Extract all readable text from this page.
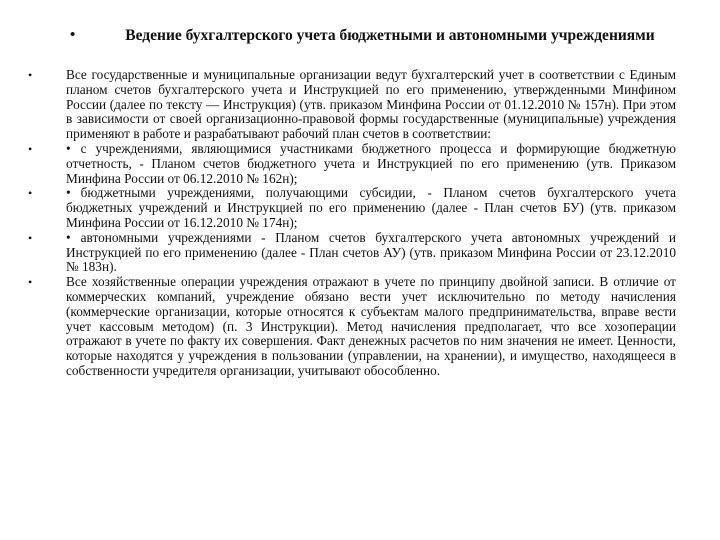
•	Ведение бухгалтерского учета бюджетными и автономными учреждениями
•	Все государственные и муниципальные организации ведут бухгалтерский учет в соответствии с Единым планом счетов бухгалтерского учета и Инструкцией по его применению, утвержденными Минфином России (далее по тексту — Инструкция) (утв. приказом Минфина России от 01.12.2010 № 157н). При этом в зависимости от своей организационно-правовой формы государственные (муниципальные) учреждения применяют в работе и разрабатывают рабочий план счетов в соответствии:
•	• с учреждениями, являющимися участниками бюджетного процесса и формирующие бюджетную отчетность, - Планом счетов бюджетного учета и Инструкцией по его применению (утв. Приказом Минфина России от 06.12.2010 № 162н);
•	• бюджетными учреждениями, получающими субсидии, - Планом счетов бухгалтерского учета бюджетных учреждений и Инструкцией по его применению (далее - План счетов БУ) (утв. приказом Минфина России от 16.12.2010 № 174н);
•	• автономными учреждениями - Планом счетов бухгалтерского учета автономных учреждений и Инструкцией по его применению (далее - План счетов АУ) (утв. приказом Минфина России от 23.12.2010 № 183н).
•	Все хозяйственные операции учреждения отражают в учете по принципу двойной записи. В отличие от коммерческих компаний, учреждение обязано вести учет исключительно по методу начисления (коммерческие организации, которые относятся к субъектам малого предпринимательства, вправе вести учет кассовым методом) (п. 3 Инструкции). Метод начисления предполагает, что все хозоперации отражают в учете по факту их совершения. Факт денежных расчетов по ним значения не имеет. Ценности, которые находятся у учреждения в пользовании (управлении, на хранении), и имущество, находящееся в собственности учредителя организации, учитывают обособленно.
